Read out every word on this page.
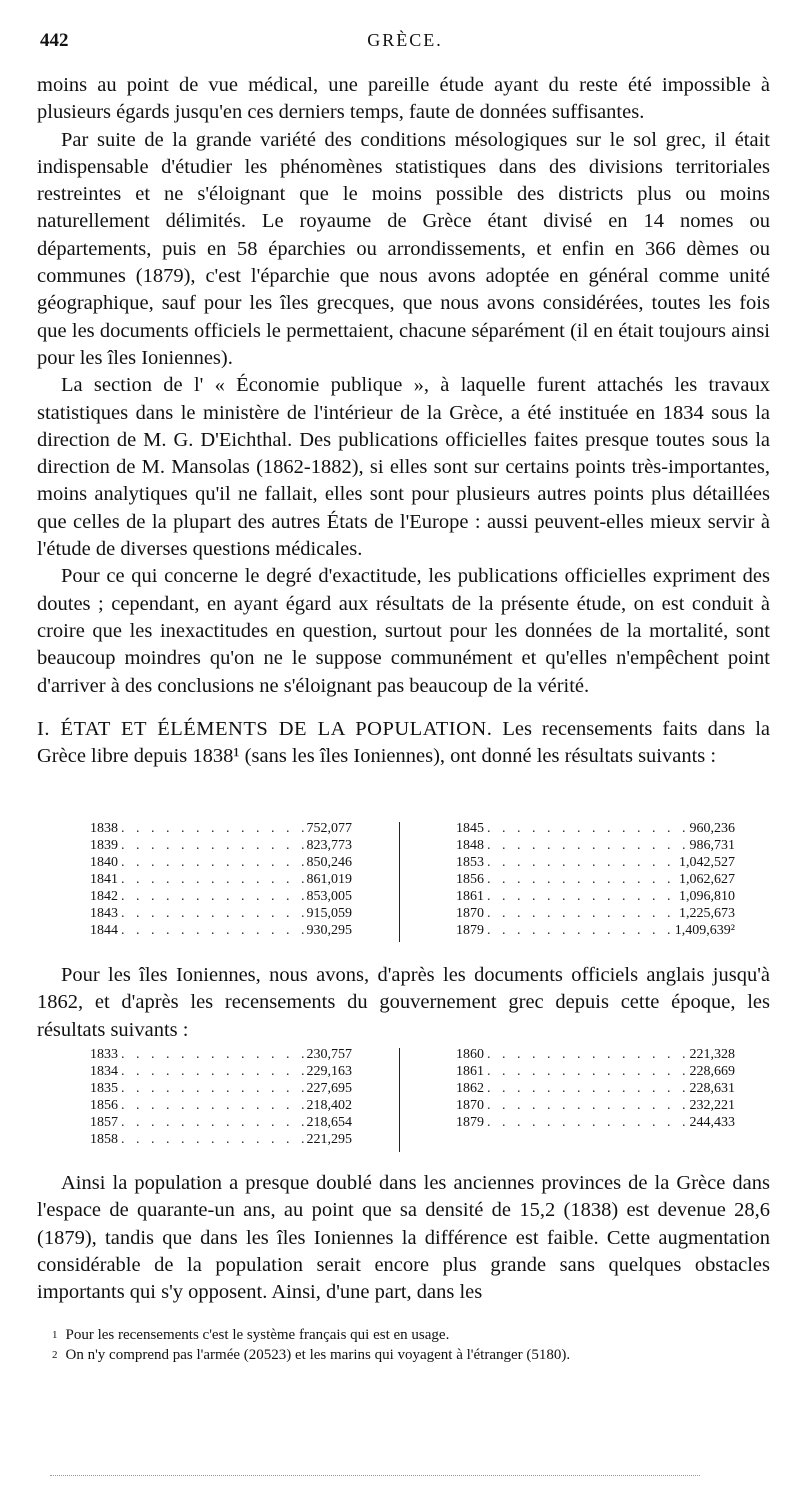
442	GRÈCE.

moins au point de vue médical, une pareille étude ayant du reste été impossible à plusieurs égards jusqu'en ces derniers temps, faute de données suffisantes.

Par suite de la grande variété des conditions mésologiques sur le sol grec, il était indispensable d'étudier les phénomènes statistiques dans des divisions territoriales restreintes et ne s'éloignant que le moins possible des districts plus ou moins naturellement délimités. Le royaume de Grèce étant divisé en 14 nomes ou départements, puis en 58 éparchies ou arrondissements, et enfin en 366 dèmes ou communes (1879), c'est l'éparchie que nous avons adoptée en général comme unité géographique, sauf pour les îles grecques, que nous avons considérées, toutes les fois que les documents officiels le permettaient, chacune séparément (il en était toujours ainsi pour les îles Ioniennes).

La section de l' « Économie publique », à laquelle furent attachés les travaux statistiques dans le ministère de l'intérieur de la Grèce, a été instituée en 1834 sous la direction de M. G. D'Eichthal. Des publications officielles faites presque toutes sous la direction de M. Mansolas (1862-1882), si elles sont sur certains points très-importantes, moins analytiques qu'il ne fallait, elles sont pour plusieurs autres points plus détaillées que celles de la plupart des autres États de l'Europe : aussi peuvent-elles mieux servir à l'étude de diverses questions médicales.

Pour ce qui concerne le degré d'exactitude, les publications officielles expriment des doutes ; cependant, en ayant égard aux résultats de la présente étude, on est conduit à croire que les inexactitudes en question, surtout pour les données de la mortalité, sont beaucoup moindres qu'on ne le suppose communément et qu'elles n'empêchent point d'arriver à des conclusions ne s'éloignant pas beaucoup de la vérité.

I. ÉTAT ET ÉLÉMENTS DE LA POPULATION. Les recensements faits dans la Grèce libre depuis 1838¹ (sans les îles Ioniennes), ont donné les résultats suivants :

1838 . . .	752,077
1839 . . .	823,773
1840 . . .	850,246
1841 . . .	861,019
1842 . . .	853,005
1843 . . .	915,059
1844 . . .	930,295
1845 . . .	960,236
1848 . . .	986,731
1853 . . .	1,042,527
1856 . . .	1,062,627
1861 . . .	1,096,810
1870 . . .	1,225,673
1879 . . .	1,409,639²

Pour les îles Ioniennes, nous avons, d'après les documents officiels anglais jusqu'à 1862, et d'après les recensements du gouvernement grec depuis cette époque, les résultats suivants :

1833 . . .	230,757
1834 . . .	229,163
1835 . . .	227,695
1856 . . .	218,402
1857 . . .	218,654
1858 . . .	221,295
1860 . . .	221,328
1861 . . .	228,669
1862 . . .	228,631
1870 . . .	232,221
1879 . . .	244,433

Ainsi la population a presque doublé dans les anciennes provinces de la Grèce dans l'espace de quarante-un ans, au point que sa densité de 15,2 (1838) est devenue 28,6 (1879), tandis que dans les îles Ioniennes la différence est faible. Cette augmentation considérable de la population serait encore plus grande sans quelques obstacles importants qui s'y opposent. Ainsi, d'une part, dans les

$^1$ Pour les recensements c'est le système français qui est en usage.

$^2$ On n'y comprend pas l'armée (20523) et les marins qui voyagent à l'étranger (5180).
